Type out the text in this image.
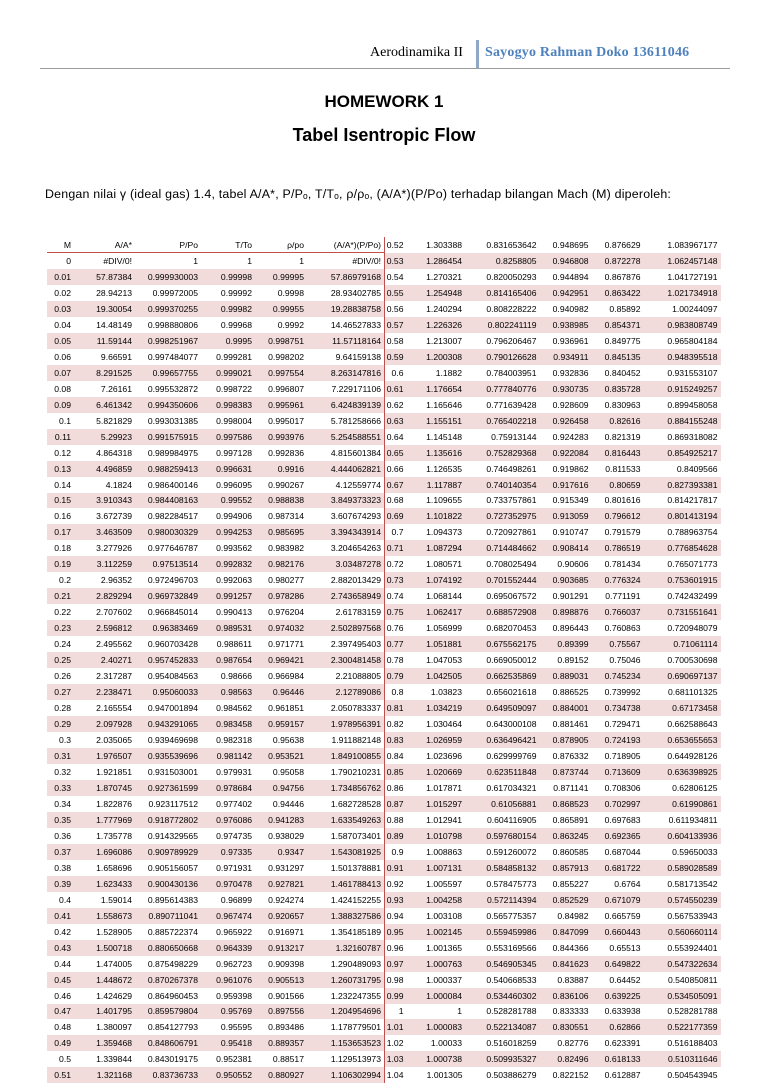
Aerodinamika II Sayogyo Rahman Doko 13611046
HOMEWORK 1
Tabel Isentropic Flow
Dengan nilai γ (ideal gas) 1.4, tabel A/A*, P/Pₒ, T/Tₒ, ρ/ρₒ, (A/A*)(P/Po) terhadap bilangan Mach (M) diperoleh:
M	A/A*	P/Po	T/To	ρ/po	(A/A*)(P/Po)
0	#DIV/0!	1	1	1	#DIV/0!
0.01	57.87384	0.999930003	0.99998	0.99995	57.86979168
0.02	28.94213	0.99972005	0.99992	0.9998	28.93402785
0.03	19.30054	0.999370255	0.99982	0.99955	19.28838758
0.04	14.48149	0.998880806	0.99968	0.9992	14.46527833
0.05	11.59144	0.998251967	0.9995	0.998751	11.57118164
0.06	9.66591	0.997484077	0.999281	0.998202	9.64159138
0.07	8.291525	0.99657755	0.999021	0.997554	8.263147816
0.08	7.26161	0.995532872	0.998722	0.996807	7.229171106
0.09	6.461342	0.994350606	0.998383	0.995961	6.424839139
0.1	5.821829	0.993031385	0.998004	0.995017	5.781258666
0.11	5.29923	0.991575915	0.997586	0.993976	5.254588551
0.12	4.864318	0.989984975	0.997128	0.992836	4.815601384
0.13	4.496859	0.988259413	0.996631	0.9916	4.444062821
0.14	4.1824	0.986400146	0.996095	0.990267	4.12559774
0.15	3.910343	0.984408163	0.99552	0.988838	3.849373323
0.16	3.672739	0.982284517	0.994906	0.987314	3.607674293
0.17	3.463509	0.980030329	0.994253	0.985695	3.394343914
0.18	3.277926	0.977646787	0.993562	0.983982	3.204654263
0.19	3.112259	0.97513514	0.992832	0.982176	3.03487278
0.2	2.96352	0.972496703	0.992063	0.980277	2.882013429
0.21	2.829294	0.969732849	0.991257	0.978286	2.743658949
0.22	2.707602	0.966845014	0.990413	0.976204	2.61783159
0.23	2.596812	0.96383469	0.989531	0.974032	2.502897568
0.24	2.495562	0.960703428	0.988611	0.971771	2.397495403
0.25	2.40271	0.957452833	0.987654	0.969421	2.300481458
0.26	2.317287	0.954084563	0.98666	0.966984	2.21088805
0.27	2.238471	0.95060033	0.98563	0.96446	2.12789086
0.28	2.165554	0.947001894	0.984562	0.961851	2.050783337
0.29	2.097928	0.943291065	0.983458	0.959157	1.978956391
0.3	2.035065	0.939469698	0.982318	0.95638	1.911882148
0.31	1.976507	0.935539696	0.981142	0.953521	1.849100855
0.32	1.921851	0.931503001	0.979931	0.95058	1.790210231
0.33	1.870745	0.927361599	0.978684	0.94756	1.734856762
0.34	1.822876	0.923117512	0.977402	0.94446	1.682728528
0.35	1.777969	0.918772802	0.976086	0.941283	1.633549263
0.36	1.735778	0.914329565	0.974735	0.938029	1.587073401
0.37	1.696086	0.909789929	0.97335	0.9347	1.543081925
0.38	1.658696	0.905156057	0.971931	0.931297	1.501378881
0.39	1.623433	0.900430136	0.970478	0.927821	1.461788413
0.4	1.59014	0.895614383	0.96899	0.924274	1.424152255
0.41	1.558673	0.890711041	0.967474	0.920657	1.388327586
0.42	1.528905	0.885722374	0.965922	0.916971	1.354185189
0.43	1.500718	0.880650668	0.964339	0.913217	1.32160787
0.44	1.474005	0.875498229	0.962723	0.909398	1.290489093
0.45	1.448672	0.870267378	0.961076	0.905513	1.260731795
0.46	1.424629	0.864960453	0.959398	0.901566	1.232247355
0.47	1.401795	0.859579804	0.95769	0.897556	1.204954696
0.48	1.380097	0.854127793	0.95595	0.893486	1.178779501
0.49	1.359468	0.848606791	0.95418	0.889357	1.153653523
0.5	1.339844	0.843019175	0.952381	0.88517	1.129513973
0.51	1.321168	0.83736733	0.950552	0.880927	1.106302994
0.52	1.303388	0.831653642	0.948695	0.876629	1.083967177
0.53	1.286454	0.8258805	0.946808	0.872278	1.062457148
0.54	1.270321	0.820050293	0.944894	0.867876	1.041727191
0.55	1.254948	0.814165406	0.942951	0.863422	1.021734918
0.56	1.240294	0.808228222	0.940982	0.85892	1.00244097
0.57	1.226326	0.802241119	0.938985	0.854371	0.983808749
0.58	1.213007	0.796206467	0.936961	0.849775	0.965804184
0.59	1.200308	0.790126628	0.934911	0.845135	0.948395518
0.6	1.1882	0.784003951	0.932836	0.840452	0.931553107
0.61	1.176654	0.777840776	0.930735	0.835728	0.915249257
0.62	1.165646	0.771639428	0.928609	0.830963	0.899458058
0.63	1.155151	0.765402218	0.926458	0.82616	0.884155248
0.64	1.145148	0.75913144	0.924283	0.821319	0.869318082
0.65	1.135616	0.752829368	0.922084	0.816443	0.854925217
0.66	1.126535	0.746498261	0.919862	0.811533	0.8409566
0.67	1.117887	0.740140354	0.917616	0.80659	0.827393381
0.68	1.109655	0.733757861	0.915349	0.801616	0.814217817
0.69	1.101822	0.727352975	0.913059	0.796612	0.801413194
0.7	1.094373	0.720927861	0.910747	0.791579	0.788963754
0.71	1.087294	0.714484662	0.908414	0.786519	0.776854628
0.72	1.080571	0.708025494	0.90606	0.781434	0.765071773
0.73	1.074192	0.701552444	0.903685	0.776324	0.753601915
0.74	1.068144	0.695067572	0.901291	0.771191	0.742432499
0.75	1.062417	0.688572908	0.898876	0.766037	0.731551641
0.76	1.056999	0.682070453	0.896443	0.760863	0.720948079
0.77	1.051881	0.675562175	0.89399	0.75567	0.71061114
0.78	1.047053	0.669050012	0.89152	0.75046	0.700530698
0.79	1.042505	0.662535869	0.889031	0.745234	0.690697137
0.8	1.03823	0.656021618	0.886525	0.739992	0.681101325
0.81	1.034219	0.649509097	0.884001	0.734738	0.67173458
0.82	1.030464	0.643000108	0.881461	0.729471	0.662588643
0.83	1.026959	0.636496421	0.878905	0.724193	0.653655653
0.84	1.023696	0.629999769	0.876332	0.718905	0.644928126
0.85	1.020669	0.623511848	0.873744	0.713609	0.636398925
0.86	1.017871	0.617034321	0.871141	0.708306	0.62806125
0.87	1.015297	0.61056881	0.868523	0.702997	0.61990861
0.88	1.012941	0.604116905	0.865891	0.697683	0.611934811
0.89	1.010798	0.597680154	0.863245	0.692365	0.604133936
0.9	1.008863	0.591260072	0.860585	0.687044	0.59650033
0.91	1.007131	0.584858132	0.857913	0.681722	0.589028589
0.92	1.005597	0.578475773	0.855227	0.6764	0.581713542
0.93	1.004258	0.572114394	0.852529	0.671079	0.574550239
0.94	1.003108	0.565775357	0.84982	0.665759	0.567533943
0.95	1.002145	0.559459986	0.847099	0.660443	0.560660114
0.96	1.001365	0.553169566	0.844366	0.65513	0.553924401
0.97	1.000763	0.546905345	0.841623	0.649822	0.547322634
0.98	1.000337	0.540668533	0.83887	0.64452	0.540850811
0.99	1.000084	0.534460302	0.836106	0.639225	0.534505091
1	1	0.528281788	0.833333	0.633938	0.528281788
1.01	1.000083	0.522134087	0.830551	0.62866	0.522177359
1.02	1.00033	0.516018259	0.82776	0.623391	0.516188403
1.03	1.000738	0.509935327	0.82496	0.618133	0.510311646
1.04	1.001305	0.503886279	0.822152	0.612887	0.504543945
